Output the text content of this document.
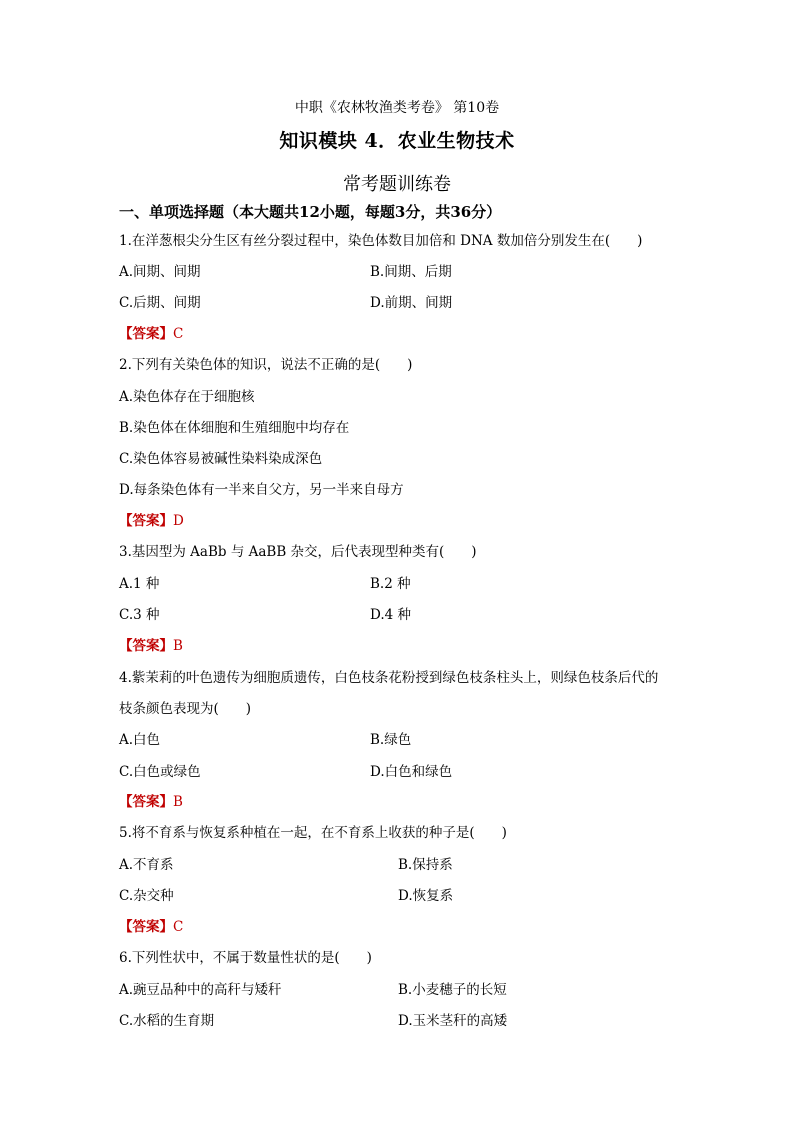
中职《农林牧渔类考卷》 第10卷
知识模块 4．农业生物技术
常考题训练卷
一、单项选择题（本大题共12小题，每题3分，共36分）
1.在洋葱根尖分生区有丝分裂过程中，染色体数目加倍和 DNA 数加倍分别发生在(　　)
A.间期、间期	B.间期、后期
C.后期、间期	D.前期、间期
【答案】C
2.下列有关染色体的知识，说法不正确的是(　　)
A.染色体存在于细胞核
B.染色体在体细胞和生殖细胞中均存在
C.染色体容易被碱性染料染成深色
D.每条染色体有一半来自父方，另一半来自母方
【答案】D
3.基因型为 AaBb 与 AaBB 杂交，后代表现型种类有(　　)
A.1 种	B.2 种
C.3 种	D.4 种
【答案】B
4.紫茉莉的叶色遗传为细胞质遗传，白色枝条花粉授到绿色枝条柱头上，则绿色枝条后代的
枝条颜色表现为(　　)
A.白色	B.绿色
C.白色或绿色	D.白色和绿色
【答案】B
5.将不育系与恢复系种植在一起，在不育系上收获的种子是(　　)
A.不育系	B.保持系
C.杂交种	D.恢复系
【答案】C
6.下列性状中，不属于数量性状的是(　　)
A.豌豆品种中的高秆与矮秆	B.小麦穗子的长短
C.水稻的生育期	D.玉米茎秆的高矮
